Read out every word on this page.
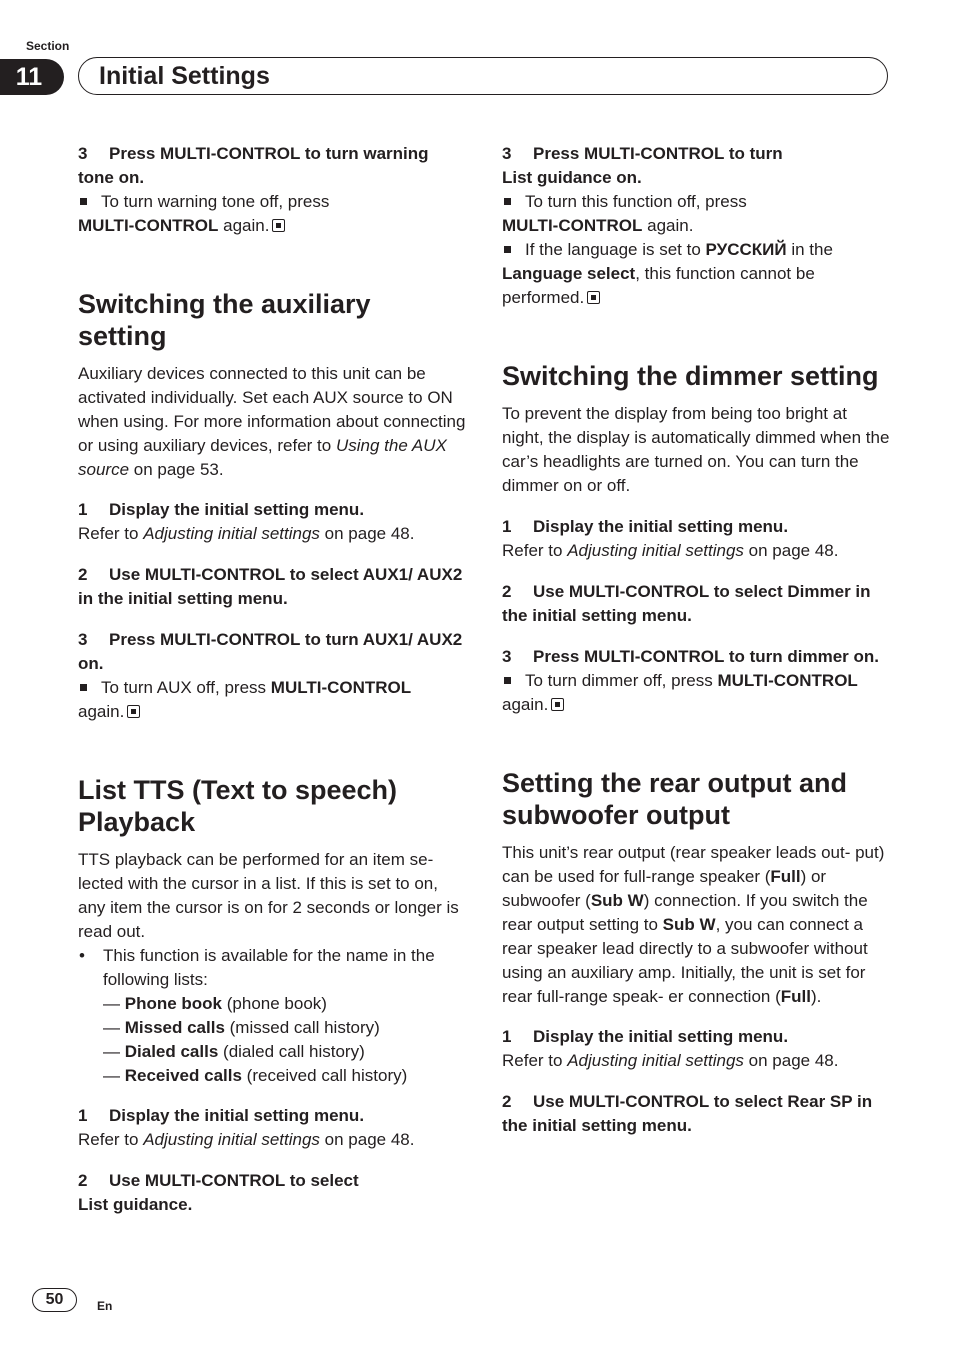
Section
11	Initial Settings

3 Press MULTI-CONTROL to turn warning tone on.

To turn warning tone off, press
MULTI-CONTROL again.

Switching the auxiliary setting

Auxiliary devices connected to this unit can be activated individually. Set each AUX source to ON when using. For more information about connecting or using auxiliary devices, refer to Using the AUX source on page 53.

1 Display the initial setting menu.

Refer to Adjusting initial settings on page 48.

2 Use MULTI-CONTROL to select AUX1/ AUX2 in the initial setting menu.

3 Press MULTI-CONTROL to turn AUX1/ AUX2 on.

To turn AUX off, press MULTI-CONTROL
again.

List TTS (Text to speech) Playback

TTS playback can be performed for an item se- lected with the cursor in a list. If this is set to on, any item the cursor is on for 2 seconds or longer is read out.

• This function is available for the name in the following lists:

— Phone book (phone book)

— Missed calls (missed call history)

— Dialed calls (dialed call history)

— Received calls (received call history)

1 Display the initial setting menu.

Refer to Adjusting initial settings on page 48.

2 Use MULTI-CONTROL to select
List guidance.

3 Press MULTI-CONTROL to turn
List guidance on.

To turn this function off, press
MULTI-CONTROL again.

If the language is set to РУССКИЙ in the
Language select, this function cannot be performed.

Switching the dimmer setting

To prevent the display from being too bright at night, the display is automatically dimmed when the car’s headlights are turned on. You can turn the dimmer on or off.

1 Display the initial setting menu.

Refer to Adjusting initial settings on page 48.

2 Use MULTI-CONTROL to select Dimmer in the initial setting menu.

3 Press MULTI-CONTROL to turn dimmer on.

To turn dimmer off, press MULTI-CONTROL
again.

Setting the rear output and subwoofer output

This unit’s rear output (rear speaker leads out- put) can be used for full-range speaker (Full) or subwoofer (Sub W) connection. If you switch the rear output setting to Sub W, you can connect a rear speaker lead directly to a subwoofer without using an auxiliary amp. Initially, the unit is set for rear full-range speak- er connection (Full).

1 Display the initial setting menu.

Refer to Adjusting initial settings on page 48.

2 Use MULTI-CONTROL to select Rear SP in the initial setting menu.

50	En
